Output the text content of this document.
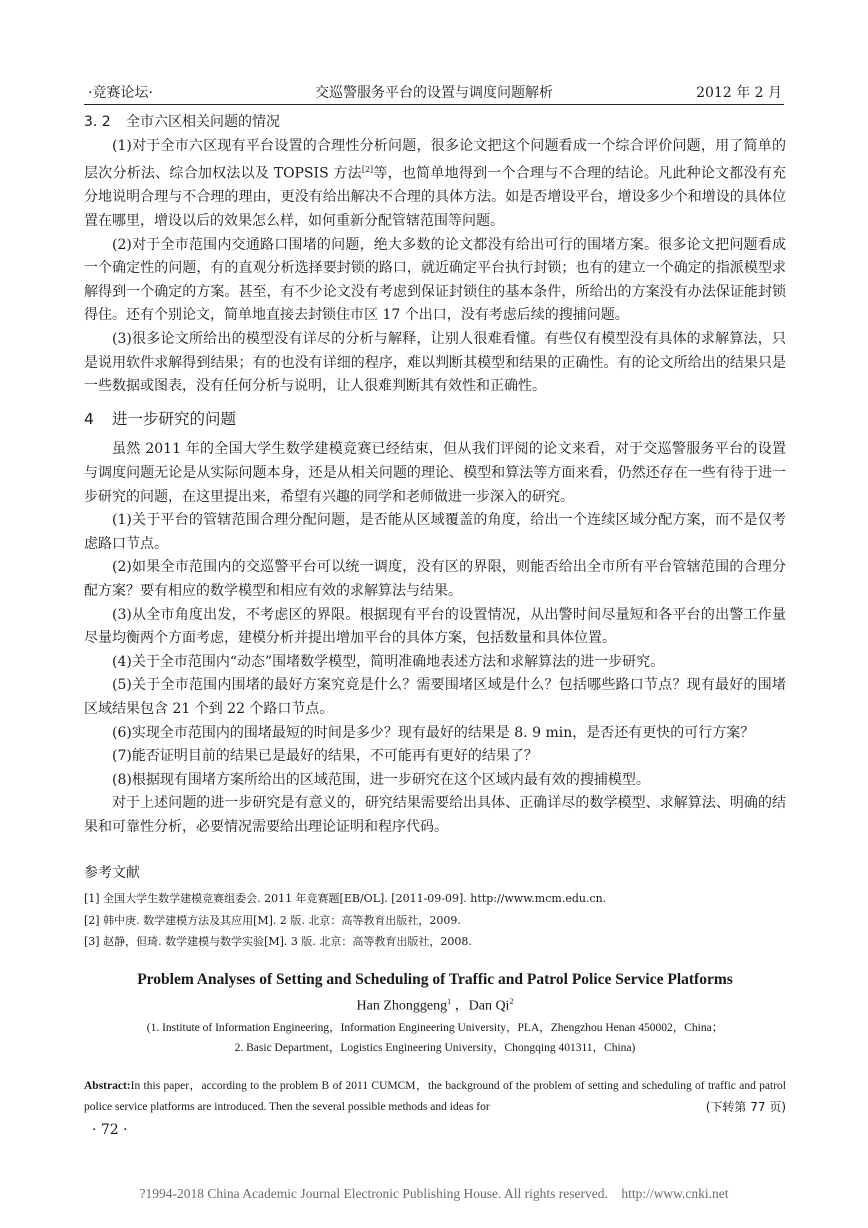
·竞赛论坛·	交巡警服务平台的设置与调度问题解析	2012 年 2 月
3. 2 全市六区相关问题的情况

(1)对于全市六区现有平台设置的合理性分析问题，很多论文把这个问题看成一个综合评价问题，用了简单的层次分析法、综合加权法以及 TOPSIS 方法[2]等，也简单地得到一个合理与不合理的结论。凡此种论文都没有充分地说明合理与不合理的理由，更没有给出解决不合理的具体方法。如是否增设平台，增设多少个和增设的具体位置在哪里，增设以后的效果怎么样，如何重新分配管辖范围等问题。

(2)对于全市范围内交通路口围堵的问题，绝大多数的论文都没有给出可行的围堵方案。很多论文把问题看成一个确定性的问题，有的直观分析选择要封锁的路口，就近确定平台执行封锁；也有的建立一个确定的指派模型求解得到一个确定的方案。甚至，有不少论文没有考虑到保证封锁住的基本条件，所给出的方案没有办法保证能封锁得住。还有个别论文，简单地直接去封锁住市区 17 个出口，没有考虑后续的搜捕问题。

(3)很多论文所给出的模型没有详尽的分析与解释，让别人很难看懂。有些仅有模型没有具体的求解算法，只是说用软件求解得到结果；有的也没有详细的程序，难以判断其模型和结果的正确性。有的论文所给出的结果只是一些数据或图表，没有任何分析与说明，让人很难判断其有效性和正确性。

4 进一步研究的问题

虽然 2011 年的全国大学生数学建模竞赛已经结束，但从我们评阅的论文来看，对于交巡警服务平台的设置与调度问题无论是从实际问题本身，还是从相关问题的理论、模型和算法等方面来看，仍然还存在一些有待于进一步研究的问题，在这里提出来，希望有兴趣的同学和老师做进一步深入的研究。

(1)关于平台的管辖范围合理分配问题，是否能从区域覆盖的角度，给出一个连续区域分配方案，而不是仅考虑路口节点。

(2)如果全市范围内的交巡警平台可以统一调度，没有区的界限，则能否给出全市所有平台管辖范围的合理分配方案？要有相应的数学模型和相应有效的求解算法与结果。

(3)从全市角度出发，不考虑区的界限。根据现有平台的设置情况，从出警时间尽量短和各平台的出警工作量尽量均衡两个方面考虑，建模分析并提出增加平台的具体方案，包括数量和具体位置。

(4)关于全市范围内“动态”围堵数学模型，简明准确地表述方法和求解算法的进一步研究。

(5)关于全市范围内围堵的最好方案究竟是什么？需要围堵区域是什么？包括哪些路口节点？现有最好的围堵区域结果包含 21 个到 22 个路口节点。

(6)实现全市范围内的围堵最短的时间是多少？现有最好的结果是 8. 9 min，是否还有更快的可行方案？

(7)能否证明目前的结果已是最好的结果，不可能再有更好的结果了？

(8)根据现有围堵方案所给出的区域范围，进一步研究在这个区域内最有效的搜捕模型。

对于上述问题的进一步研究是有意义的，研究结果需要给出具体、正确详尽的数学模型、求解算法、明确的结果和可靠性分析，必要情况需要给出理论证明和程序代码。

参考文献
[1] 全国大学生数学建模竞赛组委会. 2011 年竞赛题[EB/OL]. [2011-09-09]. http://www.mcm.edu.cn.
[2] 韩中庚. 数学建模方法及其应用[M]. 2 版. 北京：高等教育出版社，2009.
[3] 赵静，但琦. 数学建模与数学实验[M]. 3 版. 北京：高等教育出版社，2008.
Problem Analyses of Setting and Scheduling of Traffic and Patrol Police Service Platforms
Han Zhonggeng$^1$ ，Dan Qi$^2$
(1. Institute of Information Engineering，Information Engineering University，PLA，Zhengzhou Henan 450002，China；
2. Basic Department，Logistics Engineering University，Chongqing 401311，China)
Abstract:In this paper，according to the problem B of 2011 CUMCM，the background of the problem of setting and scheduling of traffic and patrol police service platforms are introduced. Then the several possible methods and ideas for	(下转第 77 页)
· 72 ·
?1994-2018 China Academic Journal Electronic Publishing House. All rights reserved.    http://www.cnki.net
